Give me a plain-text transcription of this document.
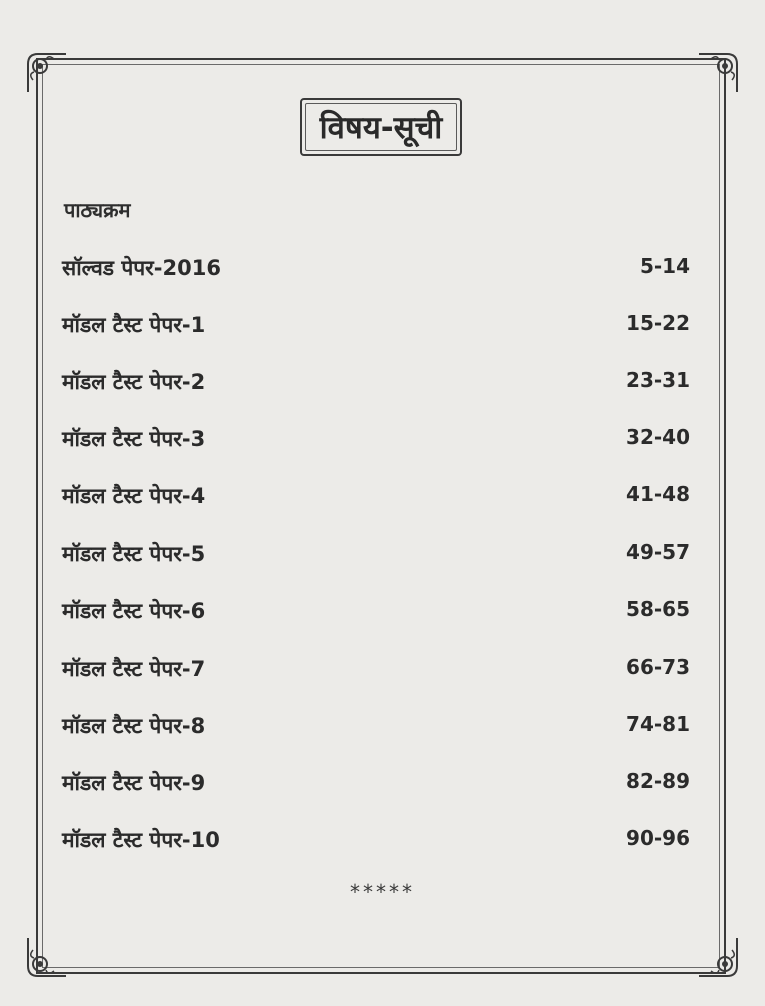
विषय-सूची
पाठ्यक्रम
सॉल्वड पेपर-2016	5-14
मॉडल टैस्ट पेपर-1	15-22
मॉडल टैस्ट पेपर-2	23-31
मॉडल टैस्ट पेपर-3	32-40
मॉडल टैस्ट पेपर-4	41-48
मॉडल टैस्ट पेपर-5	49-57
मॉडल टैस्ट पेपर-6	58-65
मॉडल टैस्ट पेपर-7	66-73
मॉडल टैस्ट पेपर-8	74-81
मॉडल टैस्ट पेपर-9	82-89
मॉडल टैस्ट पेपर-10	90-96
*****
